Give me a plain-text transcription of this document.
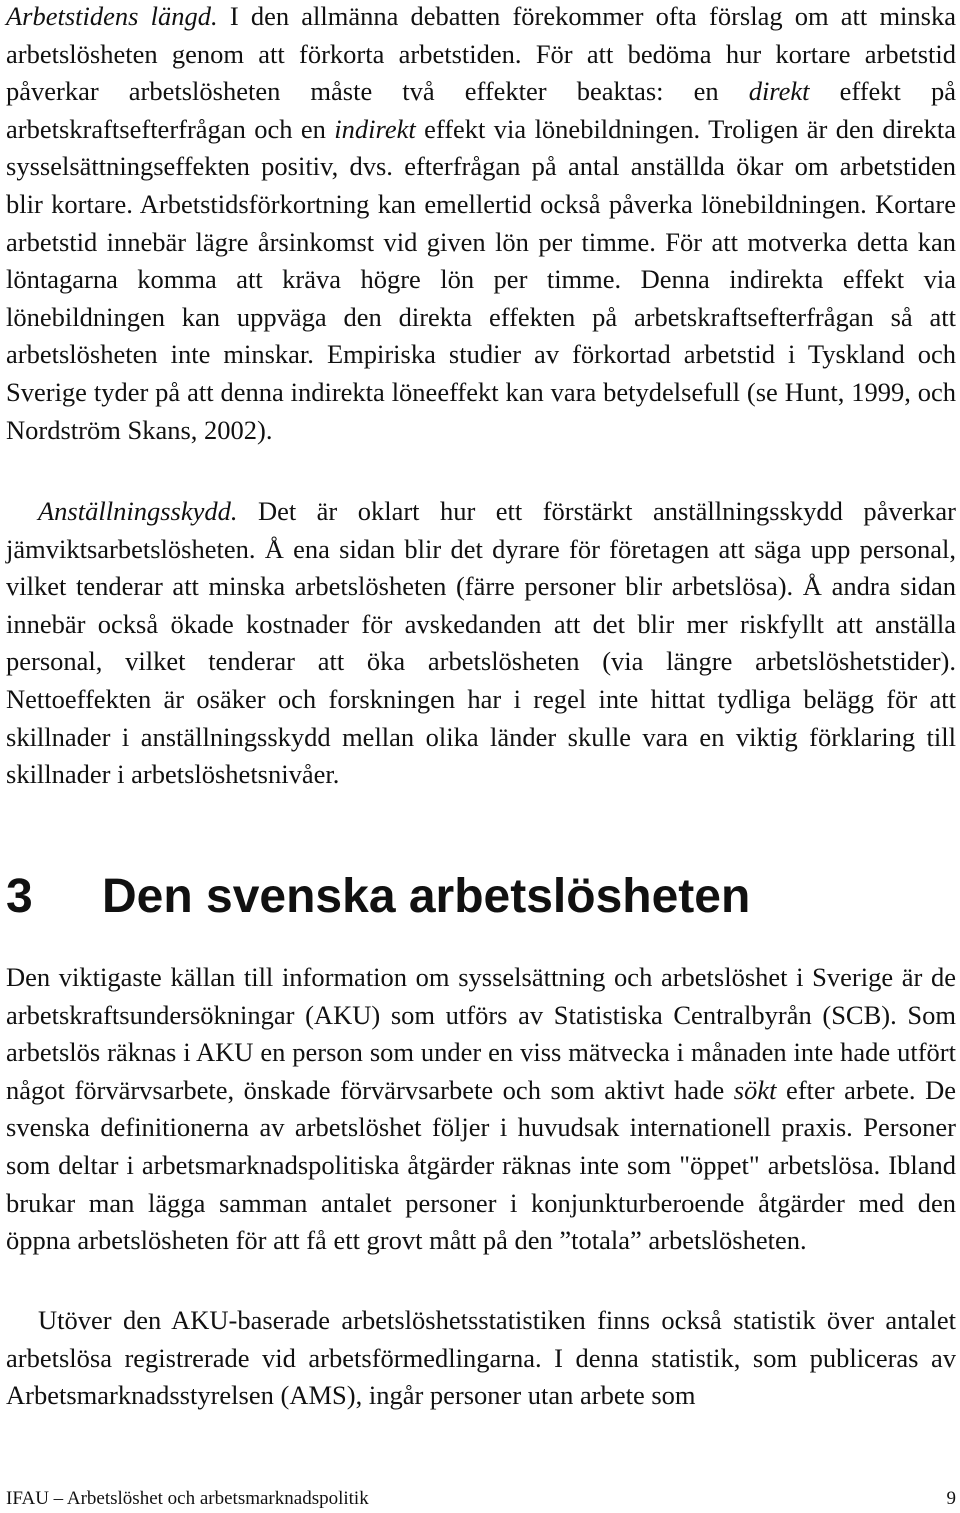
Arbetstidens längd. I den allmänna debatten förekommer ofta förslag om att minska arbetslösheten genom att förkorta arbetstiden. För att bedöma hur kortare arbetstid påverkar arbetslösheten måste två effekter beaktas: en direkt effekt på arbetskraftsefterfrågan och en indirekt effekt via lönebildningen. Troligen är den direkta sysselsättningseffekten positiv, dvs. efterfrågan på antal anställda ökar om arbetstiden blir kortare. Arbetstidsförkortning kan emellertid också påverka lönebildningen. Kortare arbetstid innebär lägre årsinkomst vid given lön per timme. För att motverka detta kan löntagarna komma att kräva högre lön per timme. Denna indirekta effekt via lönebildningen kan uppväga den direkta effekten på arbetskraftsefterfrågan så att arbetslösheten inte minskar. Empiriska studier av förkortad arbetstid i Tyskland och Sverige tyder på att denna indirekta löneeffekt kan vara betydelsefull (se Hunt, 1999, och Nordström Skans, 2002).

Anställningsskydd. Det är oklart hur ett förstärkt anställningsskydd påverkar jämviktsarbetslösheten. Å ena sidan blir det dyrare för företagen att säga upp personal, vilket tenderar att minska arbetslösheten (färre personer blir arbetslösa). Å andra sidan innebär också ökade kostnader för avskedanden att det blir mer riskfyllt att anställa personal, vilket tenderar att öka arbetslösheten (via längre arbetslöshetstider). Nettoeffekten är osäker och forskningen har i regel inte hittat tydliga belägg för att skillnader i anställningsskydd mellan olika länder skulle vara en viktig förklaring till skillnader i arbetslöshetsnivåer.

3 Den svenska arbetslösheten

Den viktigaste källan till information om sysselsättning och arbetslöshet i Sverige är de arbetskraftsundersökningar (AKU) som utförs av Statistiska Centralbyrån (SCB). Som arbetslös räknas i AKU en person som under en viss mätvecka i månaden inte hade utfört något förvärvsarbete, önskade förvärvsarbete och som aktivt hade sökt efter arbete. De svenska definitionerna av arbetslöshet följer i huvudsak internationell praxis. Personer som deltar i arbetsmarknadspolitiska åtgärder räknas inte som "öppet" arbetslösa. Ibland brukar man lägga samman antalet personer i konjunkturberoende åtgärder med den öppna arbetslösheten för att få ett grovt mått på den ”totala” arbetslösheten.

Utöver den AKU-baserade arbetslöshetsstatistiken finns också statistik över antalet arbetslösa registrerade vid arbetsförmedlingarna. I denna statistik, som publiceras av Arbetsmarknadsstyrelsen (AMS), ingår personer utan arbete som

IFAU – Arbetslöshet och arbetsmarknadspolitik	9
